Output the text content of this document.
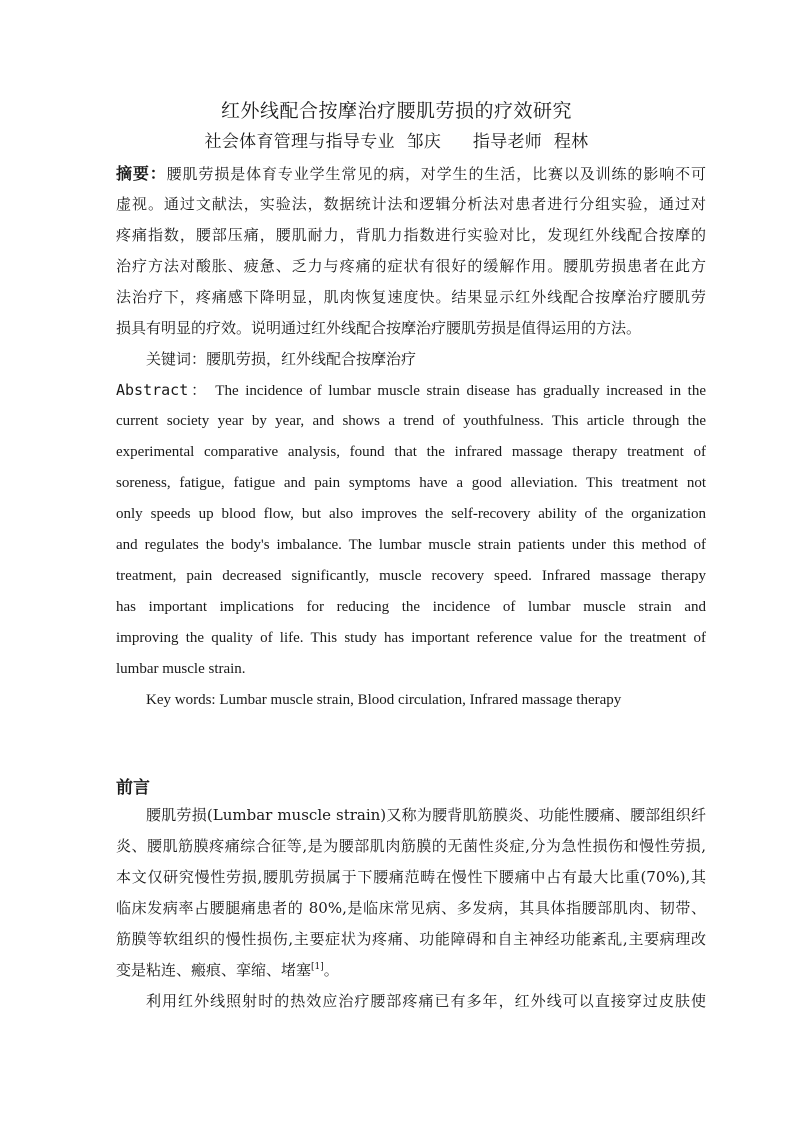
红外线配合按摩治疗腰肌劳损的疗效研究
社会体育管理与指导专业 邹庆 指导老师 程林
摘要：腰肌劳损是体育专业学生常见的病，对学生的生活，比赛以及训练的影响不可
虚视。通过文献法，实验法，数据统计法和逻辑分析法对患者进行分组实验，通过对
疼痛指数，腰部压痛，腰肌耐力，背肌力指数进行实验对比，发现红外线配合按摩的
治疗方法对酸胀、疲惫、乏力与疼痛的症状有很好的缓解作用。腰肌劳损患者在此方
法治疗下，疼痛感下降明显，肌肉恢复速度快。结果显示红外线配合按摩治疗腰肌劳
损具有明显的疗效。说明通过红外线配合按摩治疗腰肌劳损是值得运用的方法。
关键词：腰肌劳损，红外线配合按摩治疗
Abstract： The incidence of lumbar muscle strain disease has gradually increased in the
current society year by year, and shows a trend of youthfulness. This article through the
experimental comparative analysis, found that the infrared massage therapy treatment of
soreness, fatigue, fatigue and pain symptoms have a good alleviation. This treatment not
only speeds up blood flow, but also improves the self-recovery ability of the organization
and regulates the body's imbalance. The lumbar muscle strain patients under this method of
treatment, pain decreased significantly, muscle recovery speed. Infrared massage therapy
has important implications for reducing the incidence of lumbar muscle strain and
improving the quality of life. This study has important reference value for the treatment of
lumbar muscle strain.
Key words: Lumbar muscle strain, Blood circulation, Infrared massage therapy
前言
腰肌劳损(Lumbar muscle strain)又称为腰背肌筋膜炎、功能性腰痛、腰部组织纤
炎、腰肌筋膜疼痛综合征等,是为腰部肌肉筋膜的无菌性炎症,分为急性损伤和慢性劳损,
本文仅研究慢性劳损,腰肌劳损属于下腰痛范畴在慢性下腰痛中占有最大比重(70%),其
临床发病率占腰腿痛患者的 80%,是临床常见病、多发病，其具体指腰部肌肉、韧带、
筋膜等软组织的慢性损伤,主要症状为疼痛、功能障碍和自主神经功能紊乱,主要病理改
变是粘连、瘢痕、挛缩、堵塞[1]。
利用红外线照射时的热效应治疗腰部疼痛已有多年，红外线可以直接穿过皮肤使
